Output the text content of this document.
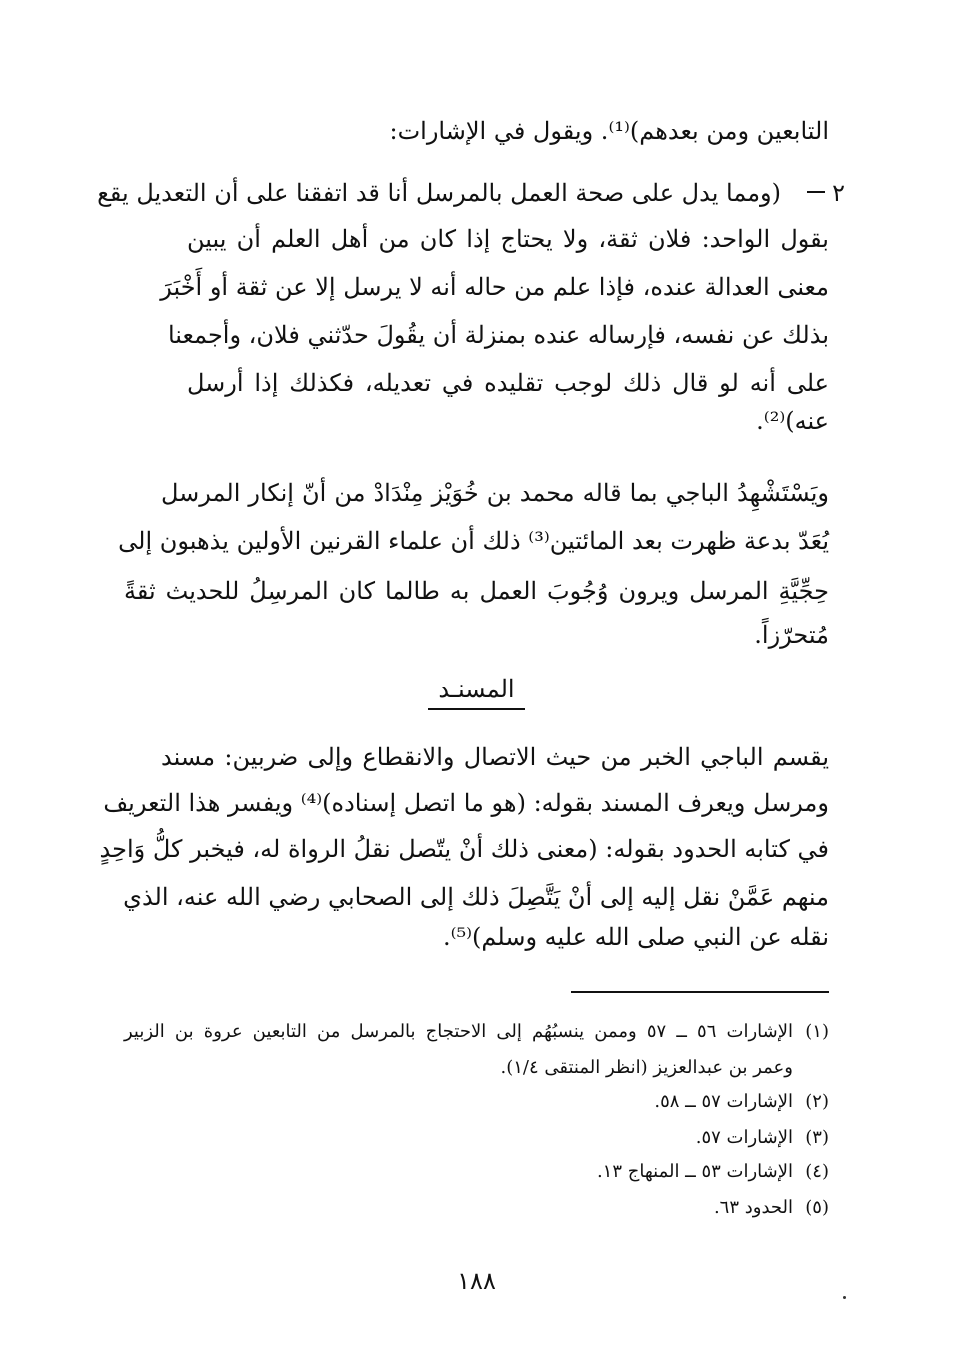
التابعين ومن بعدهم)⁽¹⁾. ويقول في الإشارات:
٢
(ومما يدل على صحة العمل بالمرسل أنا قد اتفقنا على أن التعديل يقع
بقول الواحد: فلان ثقة، ولا يحتاج إذا كان من أهل العلم أن يبين
معنى العدالة عنده، فإذا علم من حاله أنه لا يرسل إلا عن ثقة أو أَخْبَرَ
بذلك عن نفسه، فإرساله عنده بمنزلة أن يقُولَ حدّثني فلان، وأجمعنا
على أنه لو قال ذلك لوجب تقليده في تعديله، فكذلك إذا أرسل
عنه)⁽²⁾.
ويَسْتَشْهِدُ الباجي بما قاله محمد بن خُوَيْز مِنْدَادْ من أنّ إنكار المرسل
يُعَدّ بدعة ظهرت بعد المائتين⁽³⁾ ذلك أن علماء القرنين الأولين يذهبون إلى
حِجِّيَّةِ المرسل ويرون وُجُوبَ العمل به طالما كان المرسِلُ للحديث ثقةً
مُتحرّزاً.
المسنـد
يقسم الباجي الخبر من حيث الاتصال والانقطاع وإلى ضربين: مسند
ومرسل ويعرف المسند بقوله: (هو ما اتصل إسناده)⁽⁴⁾ ويفسر هذا التعريف
في كتابه الحدود بقوله: (معنى ذلك أنْ يتّصل نقلُ الرواة له، فيخبر كلُّ وَاحِدٍ
منهم عَمَّنْ نقل إليه إلى أنْ يَتَّصِلَ ذلك إلى الصحابي رضي الله عنه، الذي
نقله عن النبي صلى الله عليه وسلم)⁽⁵⁾.
(١)الإشارات ٥٦ ــ ٥٧ وممن ينسبُهُم إلى الاحتجاج بالمرسل من التابعين عروة بن الزبير
وعمر بن عبدالعزيز (انظر المنتقى ١/٤).
(٢)الإشارات ٥٧ ــ ٥٨.
(٣)الإشارات ٥٧.
(٤)الإشارات ٥٣ ــ المنهاج ١٣.
(٥)الحدود ٦٣.
١٨٨
